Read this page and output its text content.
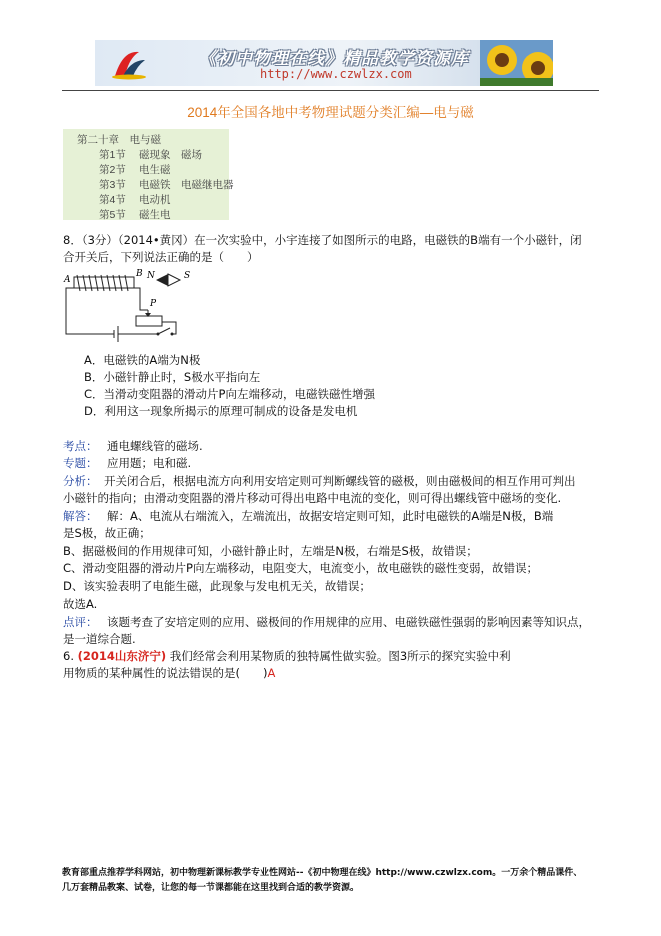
《初中物理在线》精品教学资源库
http://www.czwlzx.com
2014年全国各地中考物理试题分类汇编—电与磁
第二十章　电与磁
第1节 磁现象　磁场
第2节 电生磁
第3节 电磁铁　电磁继电器
第4节 电动机
第5节 磁生电
8．（3分）（2014•黄冈）在一次实验中，小宇连接了如图所示的电路，电磁铁的B端有一个小磁针，闭
合开关后，下列说法正确的是（　　）
A
B N	S
P
A．电磁铁的A端为N极
B．小磁针静止时，S极水平指向左
C．当滑动变阻器的滑动片P向左端移动，电磁铁磁性增强
D．利用这一现象所揭示的原理可制成的设备是发电机
考点： 通电螺线管的磁场.
专题： 应用题；电和磁.
分析： 开关闭合后，根据电流方向利用安培定则可判断螺线管的磁极，则由磁极间的相互作用可判出
小磁针的指向；由滑动变阻器的滑片移动可得出电路中电流的变化，则可得出螺线管中磁场的变化.
解答： 解：A、电流从右端流入，左端流出，故据安培定则可知，此时电磁铁的A端是N极，B端
是S极，故正确；
B、据磁极间的作用规律可知，小磁针静止时，左端是N极，右端是S极，故错误；
C、滑动变阻器的滑动片P向左端移动，电阻变大，电流变小，故电磁铁的磁性变弱，故错误；
D、该实验表明了电能生磁，此现象与发电机无关，故错误；
故选A.
点评： 该题考查了安培定则的应用、磁极间的作用规律的应用、电磁铁磁性强弱的影响因素等知识点，
是一道综合题.
6. (2014山东济宁) 我们经常会利用某物质的独特属性做实验。图3所示的探究实验中利
用物质的某种属性的说法错误的是(　　)A
教育部重点推荐学科网站，初中物理新课标教学专业性网站--《初中物理在线》http://www.czwlzx.com。一万余个精品课件、
几万套精品教案、试卷，让您的每一节课都能在这里找到合适的教学资源。
